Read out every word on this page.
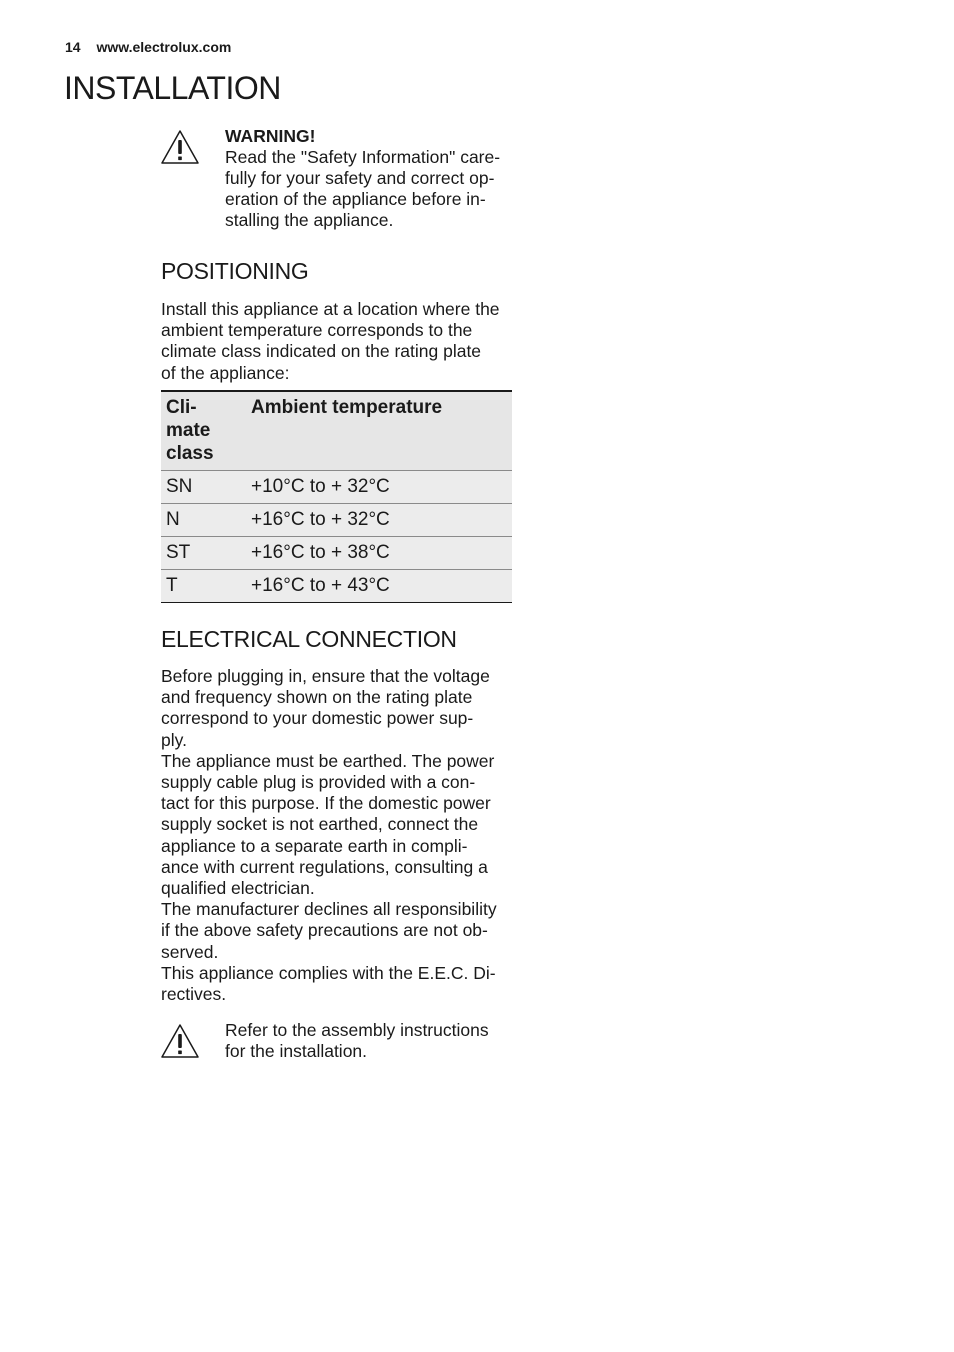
14 www.electrolux.com
INSTALLATION
WARNING!
Read the "Safety Information" care-
fully for your safety and correct op-
eration of the appliance before in-
stalling the appliance.
POSITIONING
Install this appliance at a location where the
ambient temperature corresponds to the
climate class indicated on the rating plate
of the appliance:
Cli-
mate
class	Ambient temperature
SN	+10°C to + 32°C
N	+16°C to + 32°C
ST	+16°C to + 38°C
T	+16°C to + 43°C
ELECTRICAL CONNECTION
Before plugging in, ensure that the voltage
and frequency shown on the rating plate
correspond to your domestic power sup-
ply.
The appliance must be earthed. The power
supply cable plug is provided with a con-
tact for this purpose. If the domestic power
supply socket is not earthed, connect the
appliance to a separate earth in compli-
ance with current regulations, consulting a
qualified electrician.
The manufacturer declines all responsibility
if the above safety precautions are not ob-
served.
This appliance complies with the E.E.C. Di-
rectives.
Refer to the assembly instructions
for the installation.
